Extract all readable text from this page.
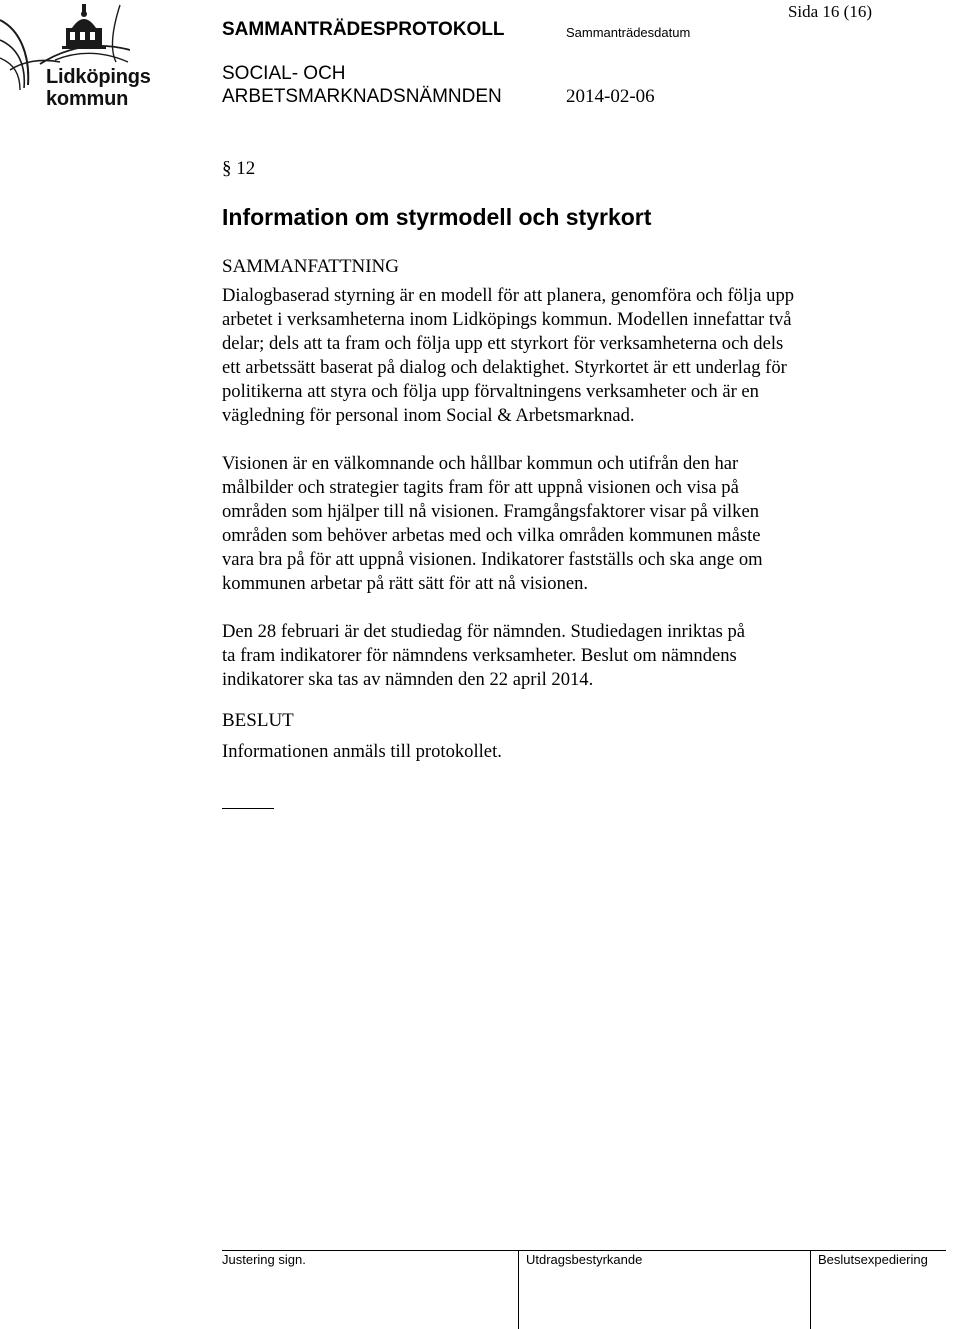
Lidköpings
kommun
Sida 16 (16)
SAMMANTRÄDESPROTOKOLL	Sammanträdesdatum
SOCIAL- OCH
ARBETSMARKNADSNÄMNDEN	2014-02-06
§ 12
Information om styrmodell och styrkort
SAMMANFATTNING
Dialogbaserad styrning är en modell för att planera, genomföra och följa upp
arbetet i verksamheterna inom Lidköpings kommun. Modellen innefattar två
delar; dels att ta fram och följa upp ett styrkort för verksamheterna och dels
ett arbetssätt baserat på dialog och delaktighet. Styrkortet är ett underlag för
politikerna att styra och följa upp förvaltningens verksamheter och är en
vägledning för personal inom Social & Arbetsmarknad.
Visionen är en välkomnande och hållbar kommun och utifrån den har
målbilder och strategier tagits fram för att uppnå visionen och visa på
områden som hjälper till nå visionen. Framgångsfaktorer visar på vilken
områden som behöver arbetas med och vilka områden kommunen måste
vara bra på för att uppnå visionen. Indikatorer fastställs och ska ange om
kommunen arbetar på rätt sätt för att nå visionen.
Den 28 februari är det studiedag för nämnden. Studiedagen inriktas på
ta fram indikatorer för nämndens verksamheter. Beslut om nämndens
indikatorer ska tas av nämnden den 22 april 2014.
BESLUT
Informationen anmäls till protokollet.
Justering sign.	Utdragsbestyrkande	Beslutsexpediering
